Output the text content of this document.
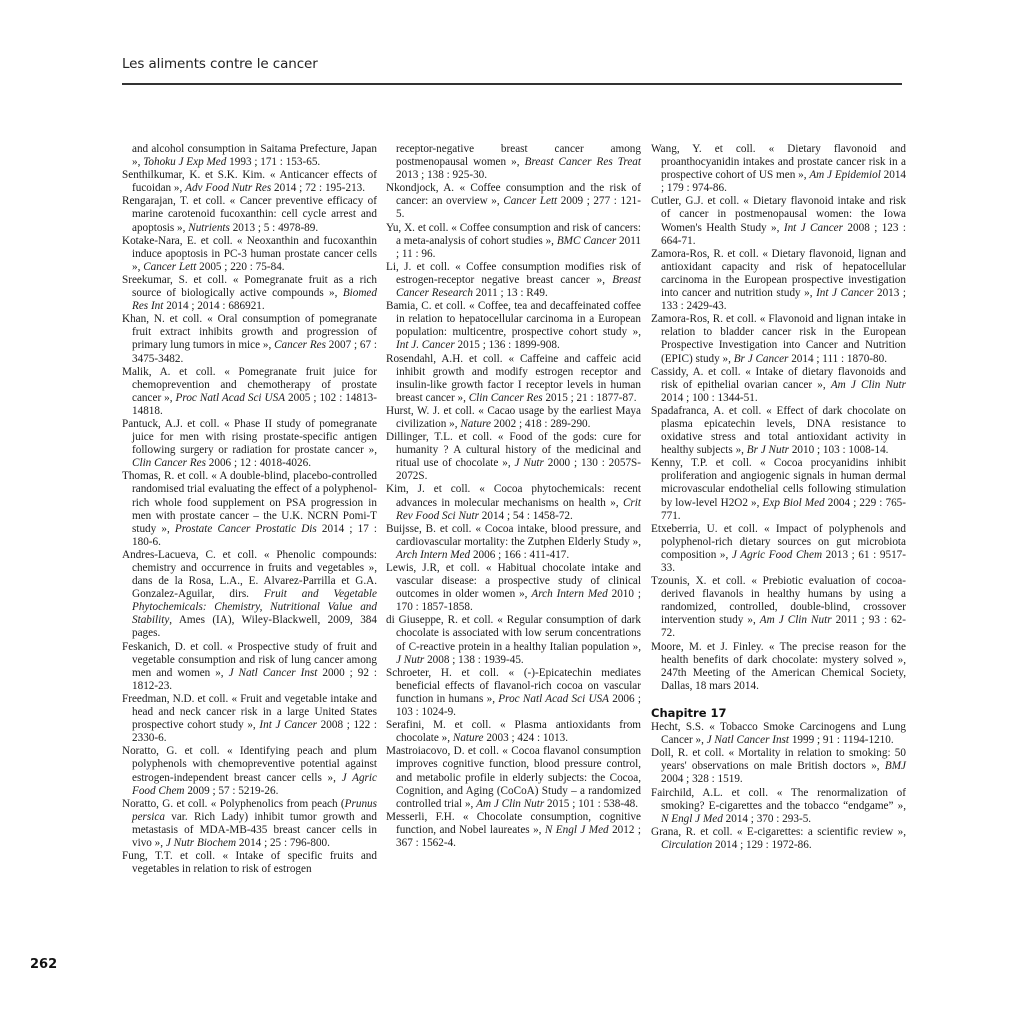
Les aliments contre le cancer

and alcohol consumption in Saitama Prefecture, Japan », Tohoku J Exp Med 1993 ; 171 : 153-65.

Senthilkumar, K. et S.K. Kim. « Anticancer effects of fucoidan », Adv Food Nutr Res 2014 ; 72 : 195-213.

Rengarajan, T. et coll. « Cancer preventive efficacy of marine carotenoid fucoxanthin: cell cycle arrest and apoptosis », Nutrients 2013 ; 5 : 4978-89.

Kotake-Nara, E. et coll. « Neoxanthin and fucoxanthin induce apoptosis in PC-3 human prostate cancer cells », Cancer Lett 2005 ; 220 : 75-84.

Sreekumar, S. et coll. « Pomegranate fruit as a rich source of biologically active compounds », Biomed Res Int 2014 ; 2014 : 686921.

Khan, N. et coll. « Oral consumption of pomegranate fruit extract inhibits growth and progression of primary lung tumors in mice », Cancer Res 2007 ; 67 : 3475-3482.

Malik, A. et coll. « Pomegranate fruit juice for chemoprevention and chemotherapy of prostate cancer », Proc Natl Acad Sci USA 2005 ; 102 : 14813-14818.

Pantuck, A.J. et coll. « Phase II study of pomegranate juice for men with rising prostate-specific antigen following surgery or radiation for prostate cancer », Clin Cancer Res 2006 ; 12 : 4018-4026.

Thomas, R. et coll. « A double-blind, placebo-controlled randomised trial evaluating the effect of a polyphenol-rich whole food supplement on PSA progression in men with prostate cancer – the U.K. NCRN Pomi-T study », Prostate Cancer Prostatic Dis 2014 ; 17 : 180-6.

Andres-Lacueva, C. et coll. « Phenolic compounds: chemistry and occurrence in fruits and vegetables », dans de la Rosa, L.A., E. Alvarez-Parrilla et G.A. Gonzalez-Aguilar, dirs. Fruit and Vegetable Phytochemicals: Chemistry, Nutritional Value and Stability, Ames (IA), Wiley-Blackwell, 2009, 384 pages.

Feskanich, D. et coll. « Prospective study of fruit and vegetable consumption and risk of lung cancer among men and women », J Natl Cancer Inst 2000 ; 92 : 1812-23.

Freedman, N.D. et coll. « Fruit and vegetable intake and head and neck cancer risk in a large United States prospective cohort study », Int J Cancer 2008 ; 122 : 2330-6.

Noratto, G. et coll. « Identifying peach and plum polyphenols with chemopreventive potential against estrogen-independent breast cancer cells », J Agric Food Chem 2009 ; 57 : 5219-26.

Noratto, G. et coll. « Polyphenolics from peach (Prunus persica var. Rich Lady) inhibit tumor growth and metastasis of MDA-MB-435 breast cancer cells in vivo », J Nutr Biochem 2014 ; 25 : 796-800.

Fung, T.T. et coll. « Intake of specific fruits and vegetables in relation to risk of estrogen

receptor-negative breast cancer among postmenopausal women », Breast Cancer Res Treat 2013 ; 138 : 925-30.

Nkondjock, A. « Coffee consumption and the risk of cancer: an overview », Cancer Lett 2009 ; 277 : 121-5.

Yu, X. et coll. « Coffee consumption and risk of cancers: a meta-analysis of cohort studies », BMC Cancer 2011 ; 11 : 96.

Li, J. et coll. « Coffee consumption modifies risk of estrogen-receptor negative breast cancer », Breast Cancer Research 2011 ; 13 : R49.

Bamia, C. et coll. « Coffee, tea and decaffeinated coffee in relation to hepatocellular carcinoma in a European population: multicentre, prospective cohort study », Int J. Cancer 2015 ; 136 : 1899-908.

Rosendahl, A.H. et coll. « Caffeine and caffeic acid inhibit growth and modify estrogen receptor and insulin-like growth factor I receptor levels in human breast cancer », Clin Cancer Res 2015 ; 21 : 1877-87.

Hurst, W. J. et coll. « Cacao usage by the earliest Maya civilization », Nature 2002 ; 418 : 289-290.

Dillinger, T.L. et coll. « Food of the gods: cure for humanity ? A cultural history of the medicinal and ritual use of chocolate », J Nutr 2000 ; 130 : 2057S-2072S.

Kim, J. et coll. « Cocoa phytochemicals: recent advances in molecular mechanisms on health », Crit Rev Food Sci Nutr 2014 ; 54 : 1458-72.

Buijsse, B. et coll. « Cocoa intake, blood pressure, and cardiovascular mortality: the Zutphen Elderly Study », Arch Intern Med 2006 ; 166 : 411-417.

Lewis, J.R, et coll. « Habitual chocolate intake and vascular disease: a prospective study of clinical outcomes in older women », Arch Intern Med 2010 ; 170 : 1857-1858.

di Giuseppe, R. et coll. « Regular consumption of dark chocolate is associated with low serum concentrations of C-reactive protein in a healthy Italian population », J Nutr 2008 ; 138 : 1939-45.

Schroeter, H. et coll. « (-)-Epicatechin mediates beneficial effects of flavanol-rich cocoa on vascular function in humans », Proc Natl Acad Sci USA 2006 ; 103 : 1024-9.

Serafini, M. et coll. « Plasma antioxidants from chocolate », Nature 2003 ; 424 : 1013.

Mastroiacovo, D. et coll. « Cocoa flavanol consumption improves cognitive function, blood pressure control, and metabolic profile in elderly subjects: the Cocoa, Cognition, and Aging (CoCoA) Study – a randomized controlled trial », Am J Clin Nutr 2015 ; 101 : 538-48.

Messerli, F.H. « Chocolate consumption, cognitive function, and Nobel laureates », N Engl J Med 2012 ; 367 : 1562-4.

Wang, Y. et coll. « Dietary flavonoid and proanthocyanidin intakes and prostate cancer risk in a prospective cohort of US men », Am J Epidemiol 2014 ; 179 : 974-86.

Cutler, G.J. et coll. « Dietary flavonoid intake and risk of cancer in postmenopausal women: the Iowa Women's Health Study », Int J Cancer 2008 ; 123 : 664-71.

Zamora-Ros, R. et coll. « Dietary flavonoid, lignan and antioxidant capacity and risk of hepatocellular carcinoma in the European prospective investigation into cancer and nutrition study », Int J Cancer 2013 ; 133 : 2429-43.

Zamora-Ros, R. et coll. « Flavonoid and lignan intake in relation to bladder cancer risk in the European Prospective Investigation into Cancer and Nutrition (EPIC) study », Br J Cancer 2014 ; 111 : 1870-80.

Cassidy, A. et coll. « Intake of dietary flavonoids and risk of epithelial ovarian cancer », Am J Clin Nutr 2014 ; 100 : 1344-51.

Spadafranca, A. et coll. « Effect of dark chocolate on plasma epicatechin levels, DNA resistance to oxidative stress and total antioxidant activity in healthy subjects », Br J Nutr 2010 ; 103 : 1008-14.

Kenny, T.P. et coll. « Cocoa procyanidins inhibit proliferation and angiogenic signals in human dermal microvascular endothelial cells following stimulation by low-level H2O2 », Exp Biol Med 2004 ; 229 : 765-771.

Etxeberria, U. et coll. « Impact of polyphenols and polyphenol-rich dietary sources on gut microbiota composition », J Agric Food Chem 2013 ; 61 : 9517-33.

Tzounis, X. et coll. « Prebiotic evaluation of cocoa-derived flavanols in healthy humans by using a randomized, controlled, double-blind, crossover intervention study », Am J Clin Nutr 2011 ; 93 : 62-72.

Moore, M. et J. Finley. « The precise reason for the health benefits of dark chocolate: mystery solved », 247th Meeting of the American Chemical Society, Dallas, 18 mars 2014.

Chapitre 17

Hecht, S.S. « Tobacco Smoke Carcinogens and Lung Cancer », J Natl Cancer Inst 1999 ; 91 : 1194-1210.

Doll, R. et coll. « Mortality in relation to smoking: 50 years' observations on male British doctors », BMJ 2004 ; 328 : 1519.

Fairchild, A.L. et coll. « The renormalization of smoking? E-cigarettes and the tobacco “endgame” », N Engl J Med 2014 ; 370 : 293-5.

Grana, R. et coll. « E-cigarettes: a scientific review », Circulation 2014 ; 129 : 1972-86.

262
